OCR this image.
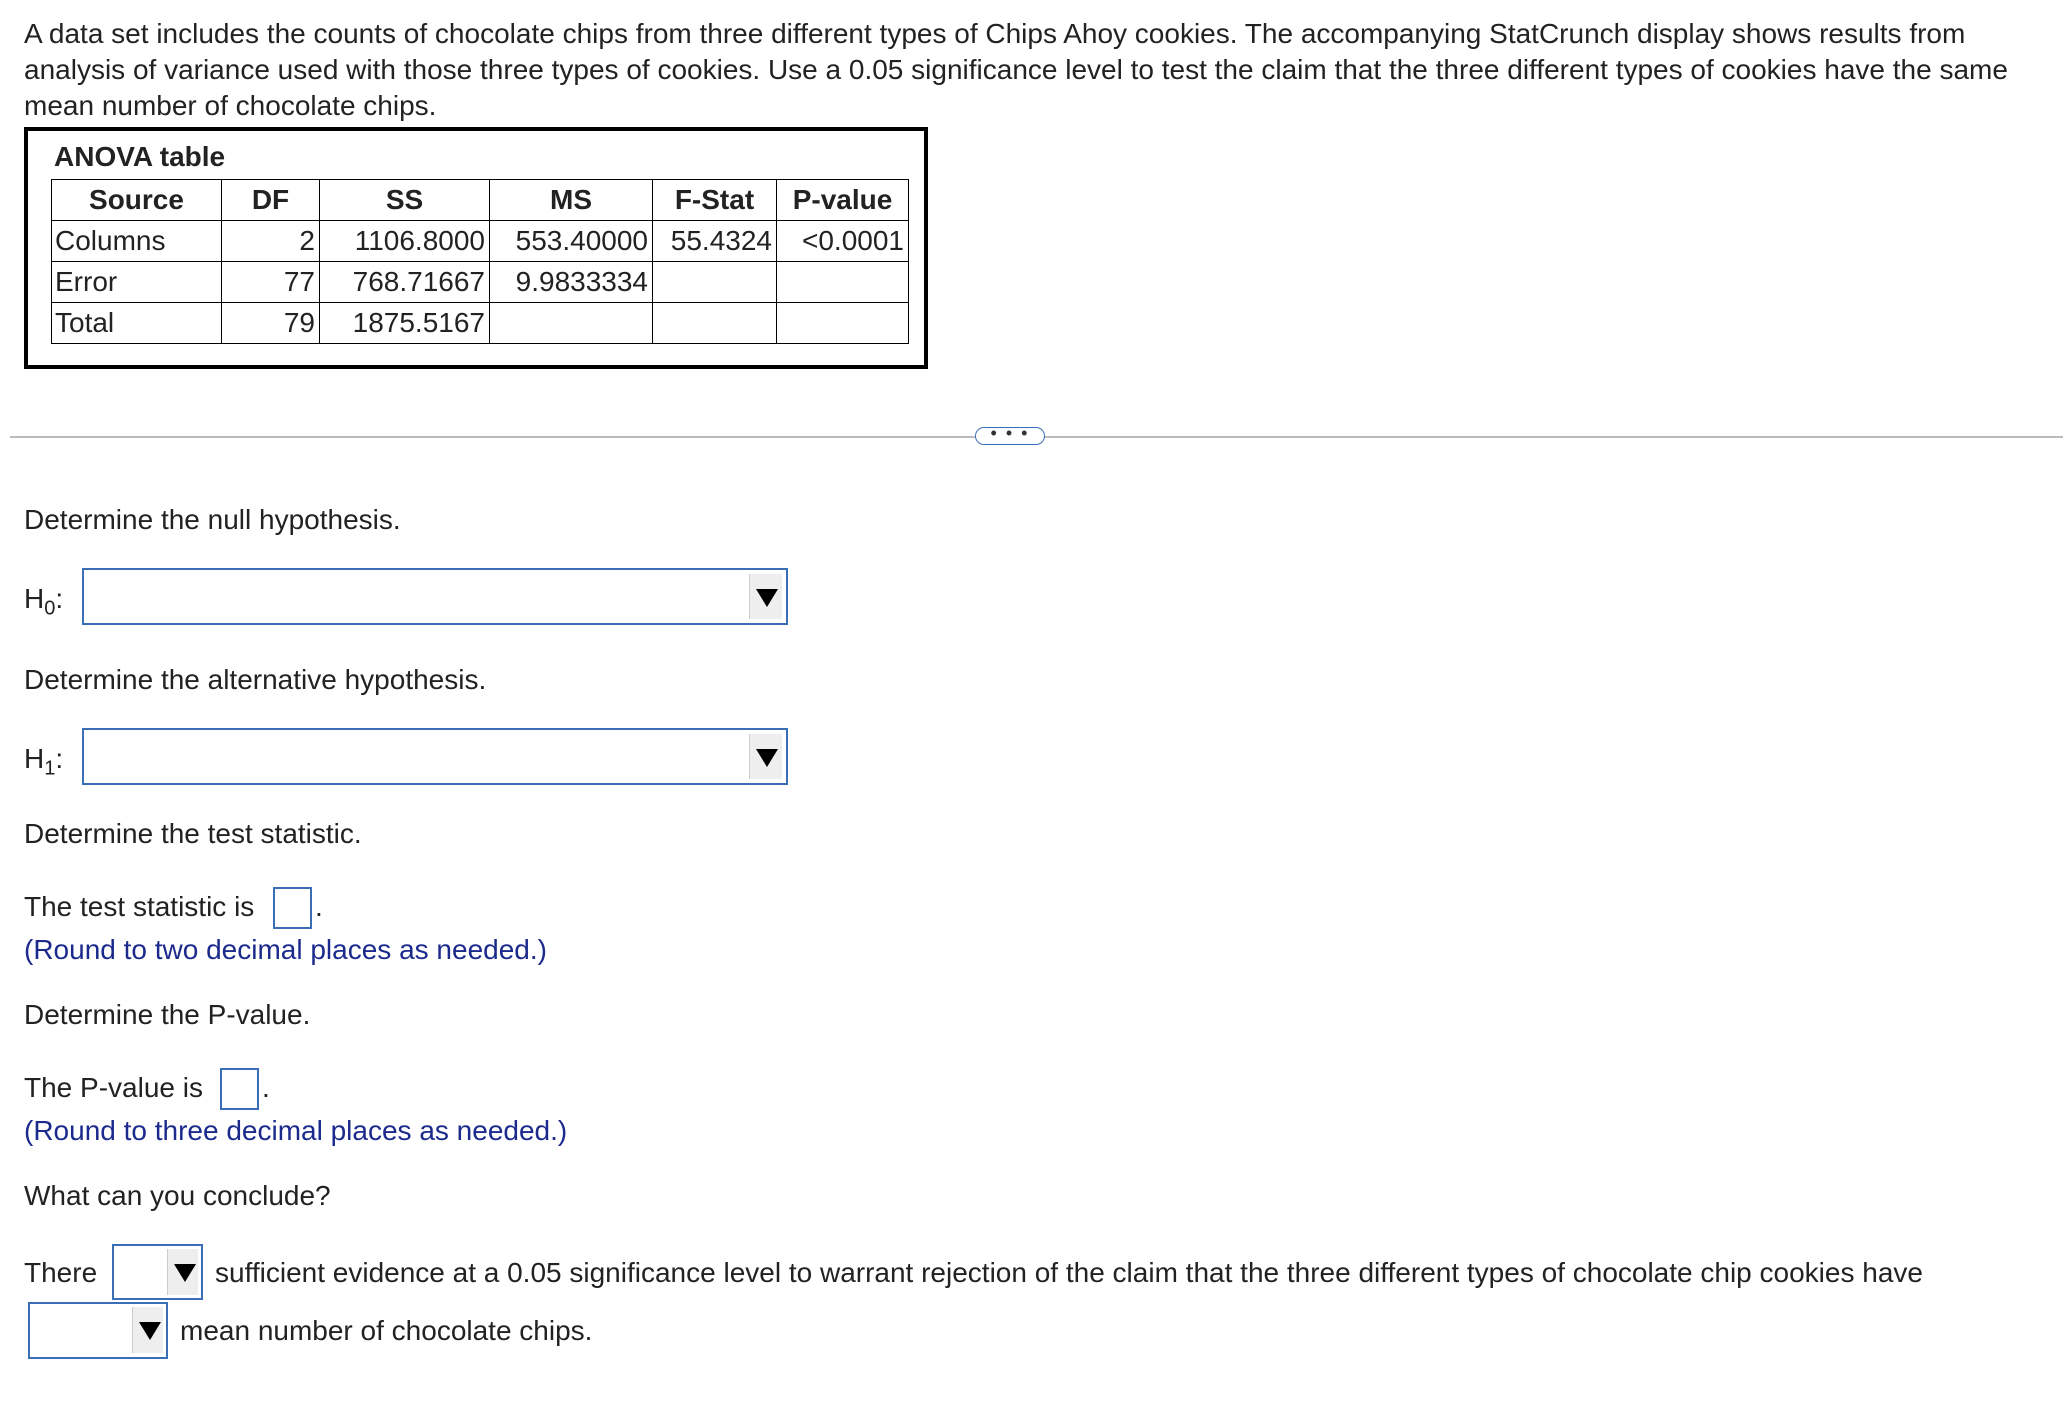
A data set includes the counts of chocolate chips from three different types of Chips Ahoy cookies. The accompanying StatCrunch display shows results from analysis of variance used with those three types of cookies. Use a 0.05 significance level to test the claim that the three different types of cookies have the same mean number of chocolate chips.
ANOVA table
Source	DF	SS	MS	F-Stat	P-value
Columns	2	1106.8000	553.40000	55.4324	<0.0001
Error	77	768.71667	9.9833334		
Total	79	1875.5167			
• • •
Determine the null hypothesis.
$H_0$:
Determine the alternative hypothesis.
$H_1$:
Determine the test statistic.
The test statistic is .
(Round to two decimal places as needed.)
Determine the P-value.
The P-value is .
(Round to three decimal places as needed.)
What can you conclude?
There	sufficient evidence at a 0.05 significance level to warrant rejection of the claim that the three different types of chocolate chip cookies have
mean number of chocolate chips.
